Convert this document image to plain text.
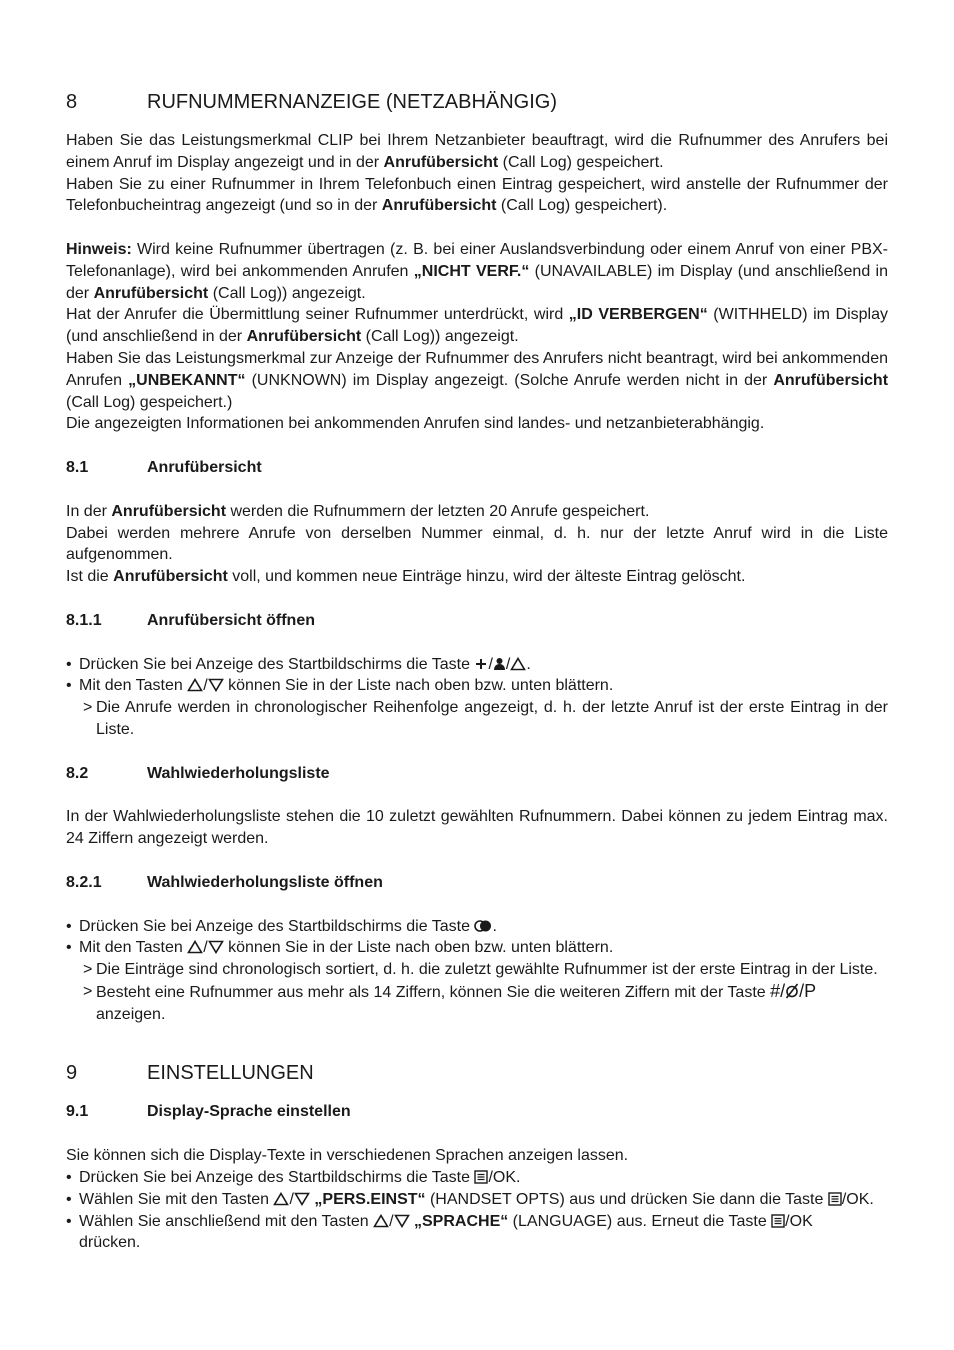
8	RUFNUMMERNANZEIGE (NETZABHÄNGIG)

Haben Sie das Leistungsmerkmal CLIP bei Ihrem Netzanbieter beauftragt, wird die Rufnummer des Anrufers bei einem Anruf im Display angezeigt und in der Anrufübersicht (Call Log) gespeichert.

Haben Sie zu einer Rufnummer in Ihrem Telefonbuch einen Eintrag gespeichert, wird anstelle der Rufnummer der Telefonbucheintrag angezeigt (und so in der Anrufübersicht (Call Log) gespeichert).

Hinweis: Wird keine Rufnummer übertragen (z. B. bei einer Auslandsverbindung oder einem Anruf von einer PBX-Telefonanlage), wird bei ankommenden Anrufen „NICHT VERF.“ (UNAVAILABLE) im Display (und anschließend in der Anrufübersicht (Call Log)) angezeigt.

Hat der Anrufer die Übermittlung seiner Rufnummer unterdrückt, wird „ID VERBERGEN“ (WITHHELD) im Display (und anschließend in der Anrufübersicht (Call Log)) angezeigt.

Haben Sie das Leistungsmerkmal zur Anzeige der Rufnummer des Anrufers nicht beantragt, wird bei ankommenden Anrufen „UNBEKANNT“ (UNKNOWN) im Display angezeigt. (Solche Anrufe werden nicht in der Anrufübersicht (Call Log) gespeichert.)

Die angezeigten Informationen bei ankommenden Anrufen sind landes- und netzanbieterabhängig.

8.1	Anrufübersicht

In der Anrufübersicht werden die Rufnummern der letzten 20 Anrufe gespeichert.

Dabei werden mehrere Anrufe von derselben Nummer einmal, d. h. nur der letzte Anruf wird in die Liste aufgenommen.

Ist die Anrufübersicht voll, und kommen neue Einträge hinzu, wird der älteste Eintrag gelöscht.

8.1.1	Anrufübersicht öffnen
• Drücken Sie bei Anzeige des Startbildschirms die Taste
/ / .
• Mit den Tasten
/
können Sie in der Liste nach oben bzw. unten blättern.
> Die Anrufe werden in chronologischer Reihenfolge angezeigt, d. h. der letzte Anruf ist der erste Eintrag in der Liste.
8.2	Wahlwiederholungsliste

In der Wahlwiederholungsliste stehen die 10 zuletzt gewählten Rufnummern. Dabei können zu jedem Eintrag max. 24 Ziffern angezeigt werden.

8.2.1	Wahlwiederholungsliste öffnen
• Drücken Sie bei Anzeige des Startbildschirms die Taste
.
• Mit den Tasten
/
können Sie in der Liste nach oben bzw. unten blättern.
> Die Einträge sind chronologisch sortiert, d. h. die zuletzt gewählte Rufnummer ist der erste Eintrag in der Liste.
> Besteht eine Rufnummer aus mehr als 14 Ziffern, können Sie die weiteren Ziffern mit der Taste #/ /P
anzeigen.
9	EINSTELLUNGEN
9.1	Display-Sprache einstellen

Sie können sich die Display-Texte in verschiedenen Sprachen anzeigen lassen.

• Drücken Sie bei Anzeige des Startbildschirms die Taste
/OK.
• Wählen Sie mit den Tasten
/ „PERS.EINST“ (HANDSET OPTS) aus und drücken Sie dann die Taste
/OK.
• Wählen Sie anschließend mit den Tasten
/ „SPRACHE“ (LANGUAGE) aus. Erneut die Taste
/OK
drücken.
